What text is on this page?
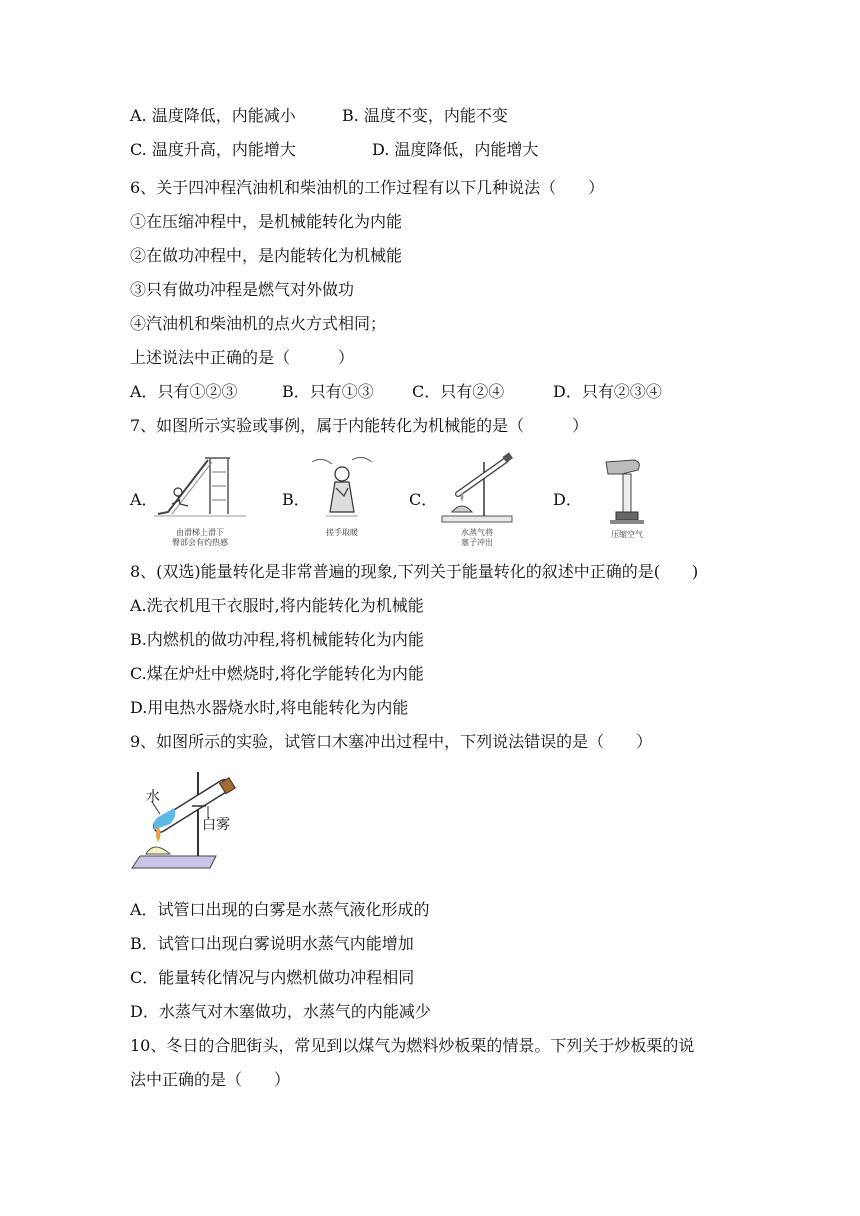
A. 温度降低，内能减小	B. 温度不变，内能不变
C. 温度升高，内能增大	D. 温度降低，内能增大
6、关于四冲程汽油机和柴油机的工作过程有以下几种说法（　　）
①在压缩冲程中，是机械能转化为内能
②在做功冲程中，是内能转化为机械能
③只有做功冲程是燃气对外做功
④汽油机和柴油机的点火方式相同；
上述说法中正确的是（　　　）
A．只有①②③	B．只有①③ C．只有②④	D．只有②③④
7、如图所示实验或事例，属于内能转化为机械能的是（　　　）
A．
由滑梯上滑下
臀部会有灼热感
B．
搓手取暖
C．
水蒸气将
塞子冲出
D．
压缩空气
8、(双选)能量转化是非常普遍的现象,下列关于能量转化的叙述中正确的是(　　)
A.洗衣机甩干衣服时,将内能转化为机械能
B.内燃机的做功冲程,将机械能转化为内能
C.煤在炉灶中燃烧时,将化学能转化为内能
D.用电热水器烧水时,将电能转化为内能
9、如图所示的实验，试管口木塞冲出过程中，下列说法错误的是（　　）
水
白雾
A．试管口出现的白雾是水蒸气液化形成的
B．试管口出现白雾说明水蒸气内能增加
C．能量转化情况与内燃机做功冲程相同
D．水蒸气对木塞做功，水蒸气的内能减少
10、冬日的合肥街头，常见到以煤气为燃料炒板栗的情景。下列关于炒板栗的说
法中正确的是（　　）
